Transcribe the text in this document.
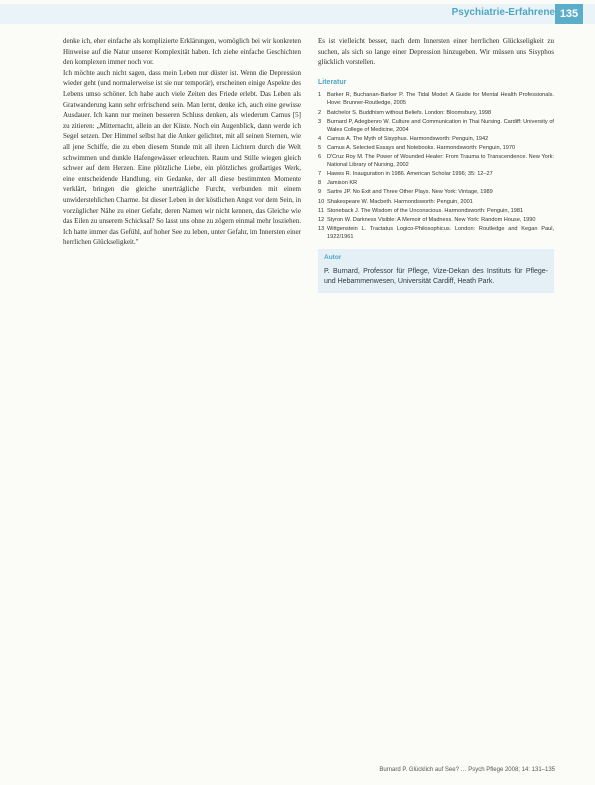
Psychiatrie-Erfahrene 135

denke ich, eher einfache als komplizierte Erklärungen, womöglich bei wir konkreten Hinweise auf die Natur unserer Komplexität haben. Ich ziehe einfache Geschichten den komplexen immer noch vor.

Ich möchte auch nicht sagen, dass mein Leben nur düster ist. Wenn die Depression wieder geht (und normalerweise ist sie nur temporär), erscheinen einige Aspekte des Lebens umso schöner. Ich habe auch viele Zeiten des Friede erlebt. Das Leben als Gratwanderung kann sehr erfrischend sein. Man lernt, denke ich, auch eine gewisse Ausdauer. Ich kann nur meinen besseren Schluss denken, als wiederum Camus [5] zu zitieren: „Mitternacht, allein an der Küste. Noch ein Augenblick, dann werde ich Segel setzen. Der Himmel selbst hat die Anker gelichtet, mit all seinen Sternen, wie all jene Schiffe, die zu eben diesem Stunde mit all ihren Lichtern durch die Welt schwimmen und dunkle Hafengewässer erleuchten. Raum und Stille wiegen gleich schwer auf dem Herzen. Eine plötzliche Liebe, ein plötzliches großartiges Werk, eine entscheidende Handlung, ein Gedanke, der all diese bestimmten Momente verklärt, bringen die gleiche unerträgliche Furcht, verbunden mit einem unwiderstehlichen Charme. Ist dieser Leben in der köstlichen Angst vor dem Sein, in vorzüglicher Nähe zu einer Gefahr, deren Namen wir nicht kennen, das Gleiche wie das Eilen zu unserem Schicksal? So lasst uns ohne zu zögern einmal mehr losziehen. Ich hatte immer das Gefühl, auf hoher See zu leben, unter Gefahr, im Innersten einer herrlichen Glückseligkeit."

Es ist vielleicht besser, nach dem Innersten einer herrlichen Glückseligkeit zu suchen, als sich so lange einer Depression hinzugeben. Wir müssen uns Sisyphos glücklich vorstellen.

Literatur
1	Barker R, Buchanan-Barker P. The Tidal Model: A Guide for Mental Health Professionals. Hove: Brunner-Routledge, 2005
2	Batchelor S. Buddhism without Beliefs. London: Bloomsbury, 1998
3	Burnard P, Adegbenro W. Culture and Communication in Thai Nursing. Cardiff: University of Wales College of Medicine, 2004
4	Camus A. The Myth of Sisyphus. Harmondsworth: Penguin, 1942
5	Camus A. Selected Essays and Notebooks. Harmondsworth: Penguin, 1970
6	D'Cruz Roy M. The Power of Wounded Healer: From Trauma to Transcendence. New York: National Library of Nursing, 2002
7	Hawes R. Inauguration in 1986. American Scholar 1996; 35: 12–27
8	Jamison KR
9	Sartre JP. No Exit and Three Other Plays. New York: Vintage, 1989
10 Shakespeare W. Macbeth. Harmondsworth: Penguin, 2001
11 Stoneback J. The Wisdom of the Unconscious. Harmondsworth: Penguin, 1981
12 Styron W. Darkness Visible: A Memoir of Madness. New York: Random House, 1990
13 Wittgenstein L. Tractatus Logico-Philosophicus. London: Routledge and Kegan Paul, 1922/1961
Autor
P. Burnard, Professor für Pflege, Vize-Dekan des Instituts für Pflege- und Hebammenwesen, Universität Cardiff, Heath Park.
Burnard P. Glücklich auf See? … Psych Pflege 2008; 14: 131–135
